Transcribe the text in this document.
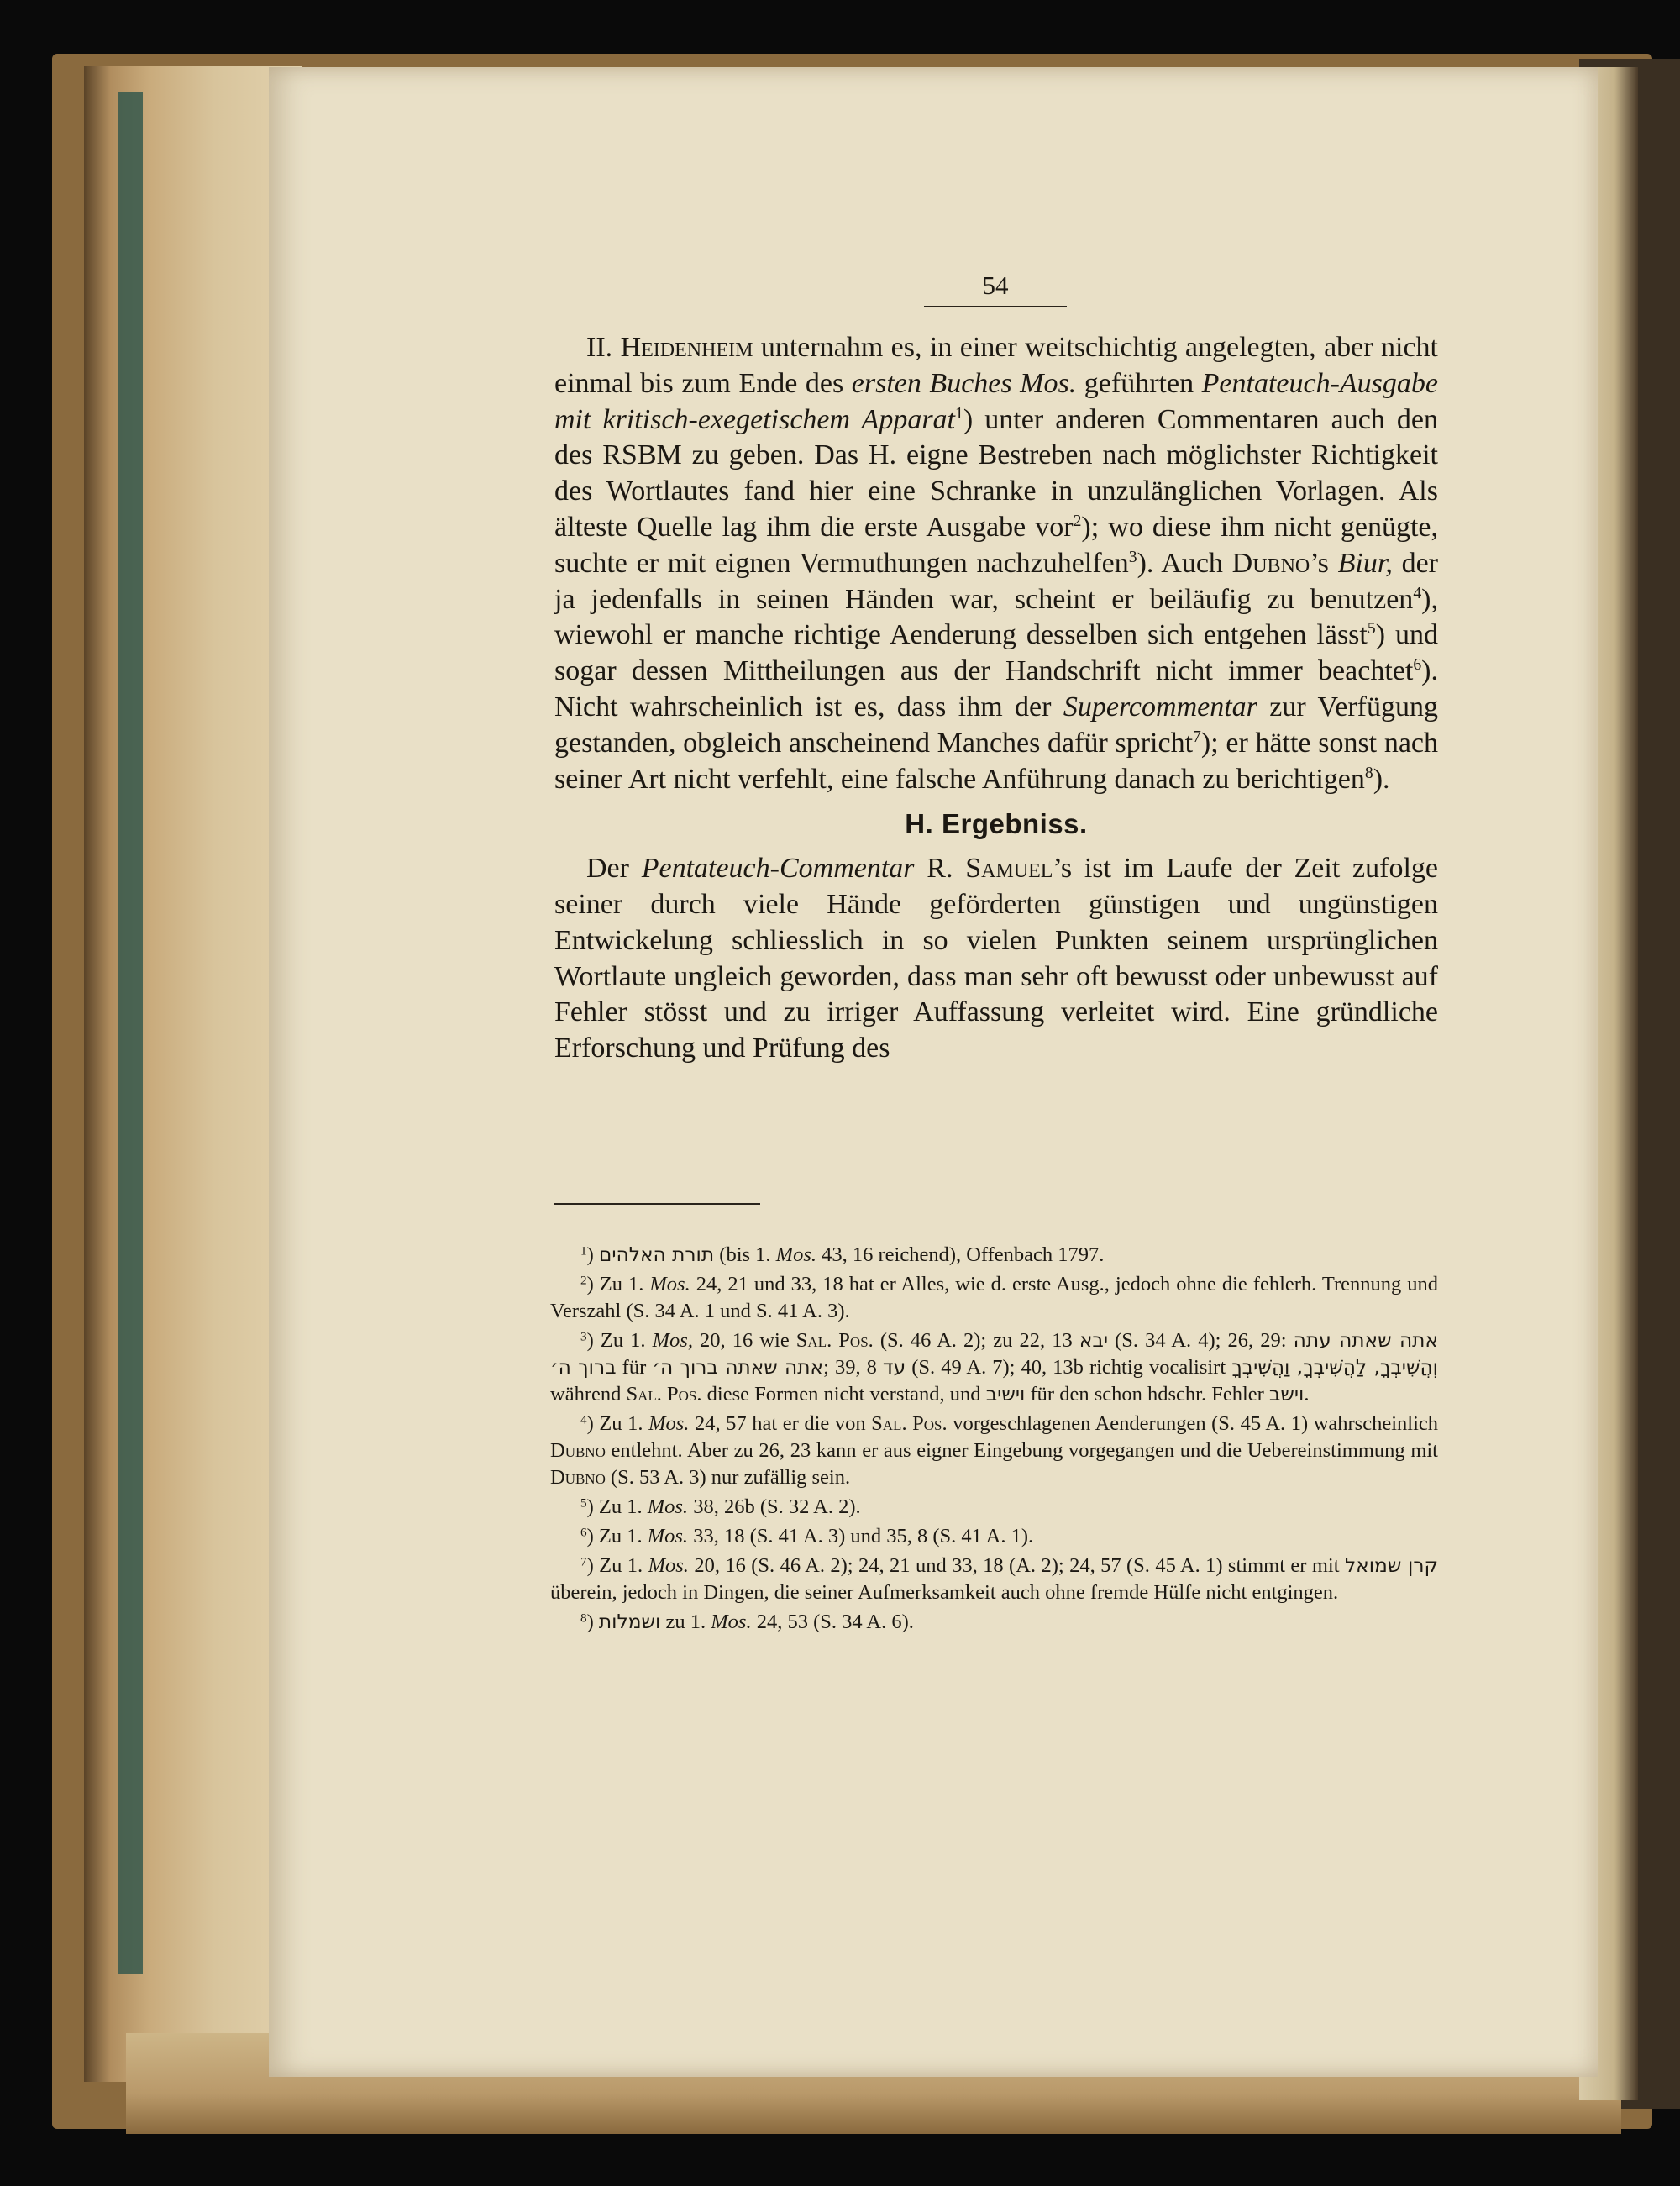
54

II. Heidenheim unternahm es, in einer weitschichtig angelegten, aber nicht einmal bis zum Ende des ersten Buches Mos. geführten Pentateuch-Ausgabe mit kritisch-exegetischem Apparat$^1$) unter anderen Commentaren auch den des RSBM zu geben. Das H. eigne Bestreben nach möglichster Richtigkeit des Wortlautes fand hier eine Schranke in unzulänglichen Vorlagen. Als älteste Quelle lag ihm die erste Ausgabe vor$^2$); wo diese ihm nicht genügte, suchte er mit eignen Vermuthungen nachzuhelfen$^3$). Auch Dubno’s Biur, der ja jedenfalls in seinen Händen war, scheint er beiläufig zu benutzen$^4$), wiewohl er manche richtige Aenderung desselben sich entgehen lässt$^5$) und sogar dessen Mittheilungen aus der Handschrift nicht immer beachtet$^6$). Nicht wahrscheinlich ist es, dass ihm der Supercommentar zur Verfügung gestanden, obgleich anscheinend Manches dafür spricht$^7$); er hätte sonst nach seiner Art nicht verfehlt, eine falsche Anführung danach zu berichtigen$^8$).

H. Ergebniss.

Der Pentateuch-Commentar R. Samuel’s ist im Laufe der Zeit zufolge seiner durch viele Hände geförderten günstigen und ungünstigen Entwickelung schliesslich in so vielen Punkten seinem ursprünglichen Wortlaute ungleich geworden, dass man sehr oft bewusst oder unbewusst auf Fehler stösst und zu irriger Auffassung verleitet wird. Eine gründliche Erforschung und Prüfung des

$^1$) תורת האלהים (bis 1. Mos. 43, 16 reichend), Offenbach 1797.

$^2$) Zu 1. Mos. 24, 21 und 33, 18 hat er Alles, wie d. erste Ausg., jedoch ohne die fehlerh. Trennung und Verszahl (S. 34 A. 1 und S. 41 A. 3).

$^3$) Zu 1. Mos, 20, 16 wie Sal. Pos. (S. 46 A. 2); zu 22, 13 יבא (S. 34 A. 4); 26, 29: אתה שאתה עתה ברוך ה׳ für אתה שאתה ברוך ה׳; 39, 8 עד (S. 49 A. 7); 40, 13b richtig vocalisirt וְהֲשִׁיבְךָ, לַהֲשִׁיבְךָ, וַהֲשִׁיבְךָ während Sal. Pos. diese Formen nicht verstand, und וישיב für den schon hdschr. Fehler וישב.

$^4$) Zu 1. Mos. 24, 57 hat er die von Sal. Pos. vorgeschlagenen Aenderungen (S. 45 A. 1) wahrscheinlich Dubno entlehnt. Aber zu 26, 23 kann er aus eigner Eingebung vorgegangen und die Uebereinstimmung mit Dubno (S. 53 A. 3) nur zufällig sein.

$^5$) Zu 1. Mos. 38, 26b (S. 32 A. 2).

$^6$) Zu 1. Mos. 33, 18 (S. 41 A. 3) und 35, 8 (S. 41 A. 1).

$^7$) Zu 1. Mos. 20, 16 (S. 46 A. 2); 24, 21 und 33, 18 (A. 2); 24, 57 (S. 45 A. 1) stimmt er mit קרן שמואל überein, jedoch in Dingen, die seiner Aufmerksamkeit auch ohne fremde Hülfe nicht entgingen.

$^8$) ושמלות zu 1. Mos. 24, 53 (S. 34 A. 6).
